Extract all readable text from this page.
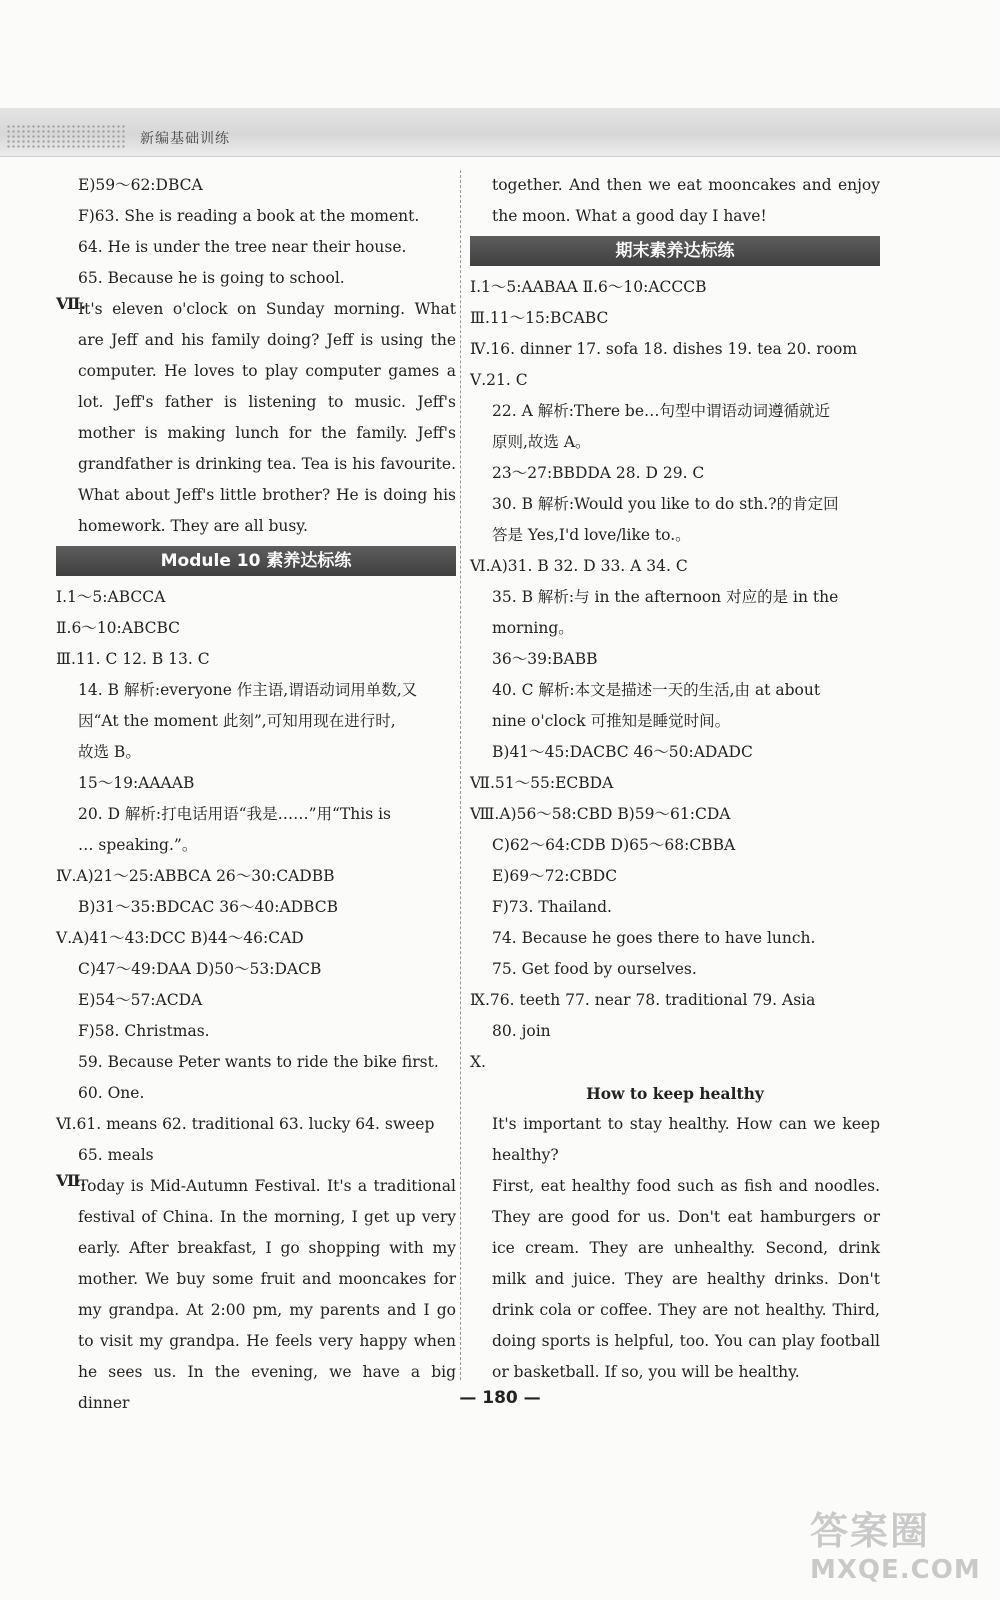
新编基础训练
E)59～62:DBCA
F)63. She is reading a book at the moment.
64. He is under the tree near their house.
65. Because he is going to school.
Ⅶ.
It's eleven o'clock on Sunday morning. What are Jeff and his family doing? Jeff is using the computer. He loves to play computer games a lot. Jeff's father is listening to music. Jeff's mother is making lunch for the family. Jeff's grandfather is drinking tea. Tea is his favourite. What about Jeff's little brother? He is doing his homework. They are all busy.
Module 10 素养达标练
Ⅰ.1～5:ABCCA
Ⅱ.6～10:ABCBC
Ⅲ.11. C 12. B 13. C
14. B 解析:everyone 作主语,谓语动词用单数,又
因“At the moment 此刻”,可知用现在进行时,
故选 B。
15～19:AAAAB
20. D 解析:打电话用语“我是……”用“This is
… speaking.”。
Ⅳ.A)21～25:ABBCA 26～30:CADBB
B)31～35:BDCAC 36～40:ADBCB
Ⅴ.A)41～43:DCC B)44～46:CAD
C)47～49:DAA D)50～53:DACB
E)54～57:ACDA
F)58. Christmas.
59. Because Peter wants to ride the bike first.
60. One.
Ⅵ.61. means 62. traditional 63. lucky 64. sweep
65. meals
Ⅶ.
Today is Mid-Autumn Festival. It's a traditional festival of China. In the morning, I get up very early. After breakfast, I go shopping with my mother. We buy some fruit and mooncakes for my grandpa. At 2:00 pm, my parents and I go to visit my grandpa. He feels very happy when he sees us. In the evening, we have a big dinner
together. And then we eat mooncakes and enjoy the moon. What a good day I have!
期末素养达标练
Ⅰ.1～5:AABAA Ⅱ.6～10:ACCCB
Ⅲ.11～15:BCABC
Ⅳ.16. dinner 17. sofa 18. dishes 19. tea 20. room
Ⅴ.21. C
22. A 解析:There be…句型中谓语动词遵循就近
原则,故选 A。
23～27:BBDDA 28. D 29. C
30. B 解析:Would you like to do sth.?的肯定回
答是 Yes,I'd love/like to.。
Ⅵ.A)31. B 32. D 33. A 34. C
35. B 解析:与 in the afternoon 对应的是 in the
morning。
36～39:BABB
40. C 解析:本文是描述一天的生活,由 at about
nine o'clock 可推知是睡觉时间。
B)41～45:DACBC 46～50:ADADC
Ⅶ.51～55:ECBDA
Ⅷ.A)56～58:CBD B)59～61:CDA
C)62～64:CDB D)65～68:CBBA
E)69～72:CBDC
F)73. Thailand.
74. Because he goes there to have lunch.
75. Get food by ourselves.
Ⅸ.76. teeth 77. near 78. traditional 79. Asia
80. join
Ⅹ.
How to keep healthy
It's important to stay healthy. How can we keep healthy?
First, eat healthy food such as fish and noodles. They are good for us. Don't eat hamburgers or ice cream. They are unhealthy. Second, drink milk and juice. They are healthy drinks. Don't drink cola or coffee. They are not healthy. Third, doing sports is helpful, too. You can play football or basketball. If so, you will be healthy.
— 180 —
答案圈
MXQE.COM
